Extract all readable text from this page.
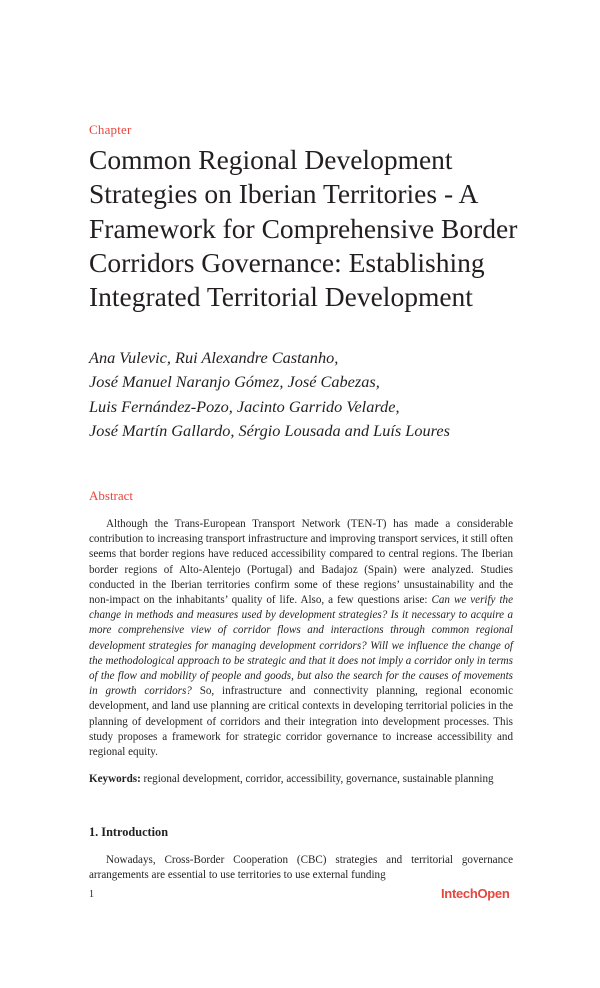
Chapter
Common Regional Development Strategies on Iberian Territories - A Framework for Comprehensive Border Corridors Governance: Establishing Integrated Territorial Development
Ana Vulevic, Rui Alexandre Castanho,
José Manuel Naranjo Gómez, José Cabezas,
Luis Fernández-Pozo, Jacinto Garrido Velarde,
José Martín Gallardo, Sérgio Lousada and Luís Loures
Abstract

Although the Trans-European Transport Network (TEN-T) has made a considerable contribution to increasing transport infrastructure and improving transport services, it still often seems that border regions have reduced accessibility compared to central regions. The Iberian border regions of Alto-Alentejo (Portugal) and Badajoz (Spain) were analyzed. Studies conducted in the Iberian territories confirm some of these regions’ unsustainability and the non-impact on the inhabitants’ quality of life. Also, a few questions arise: Can we verify the change in methods and measures used by development strategies? Is it necessary to acquire a more comprehensive view of corridor flows and interactions through common regional development strategies for managing development corridors? Will we influence the change of the methodological approach to be strategic and that it does not imply a corridor only in terms of the flow and mobility of people and goods, but also the search for the causes of movements in growth corridors? So, infrastructure and connectivity planning, regional economic development, and land use planning are critical contexts in developing territorial policies in the planning of development of corridors and their integration into development processes. This study proposes a framework for strategic corridor governance to increase accessibility and regional equity.

Keywords: regional development, corridor, accessibility, governance, sustainable planning
1. Introduction

Nowadays, Cross-Border Cooperation (CBC) strategies and territorial governance arrangements are essential to use territories to use external funding

1	IntechOpen
